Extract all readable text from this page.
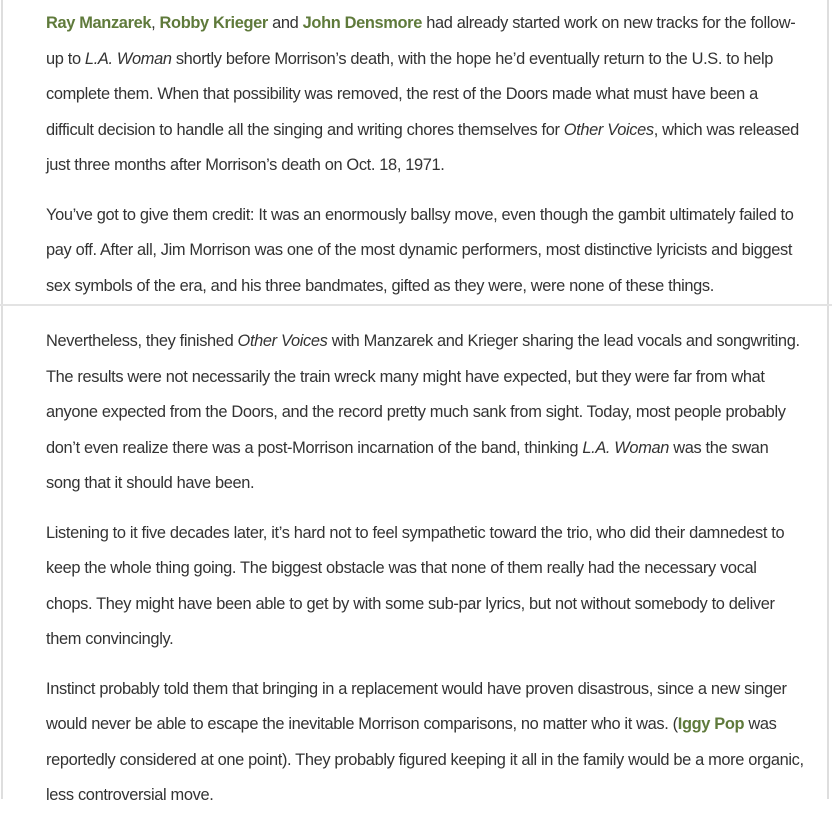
Ray Manzarek, Robby Krieger and John Densmore had already started work on new tracks for the follow-up to L.A. Woman shortly before Morrison’s death, with the hope he’d eventually return to the U.S. to help complete them. When that possibility was removed, the rest of the Doors made what must have been a difficult decision to handle all the singing and writing chores themselves for Other Voices, which was released just three months after Morrison’s death on Oct. 18, 1971.

You’ve got to give them credit: It was an enormously ballsy move, even though the gambit ultimately failed to pay off. After all, Jim Morrison was one of the most dynamic performers, most distinctive lyricists and biggest sex symbols of the era, and his three bandmates, gifted as they were, were none of these things.

Nevertheless, they finished Other Voices with Manzarek and Krieger sharing the lead vocals and songwriting. The results were not necessarily the train wreck many might have expected, but they were far from what anyone expected from the Doors, and the record pretty much sank from sight. Today, most people probably don’t even realize there was a post-Morrison incarnation of the band, thinking L.A. Woman was the swan song that it should have been.

Listening to it five decades later, it’s hard not to feel sympathetic toward the trio, who did their damnedest to keep the whole thing going. The biggest obstacle was that none of them really had the necessary vocal chops. They might have been able to get by with some sub-par lyrics, but not without somebody to deliver them convincingly.

Instinct probably told them that bringing in a replacement would have proven disastrous, since a new singer would never be able to escape the inevitable Morrison comparisons, no matter who it was. (Iggy Pop was reportedly considered at one point). They probably figured keeping it all in the family would be a more organic, less controversial move.
